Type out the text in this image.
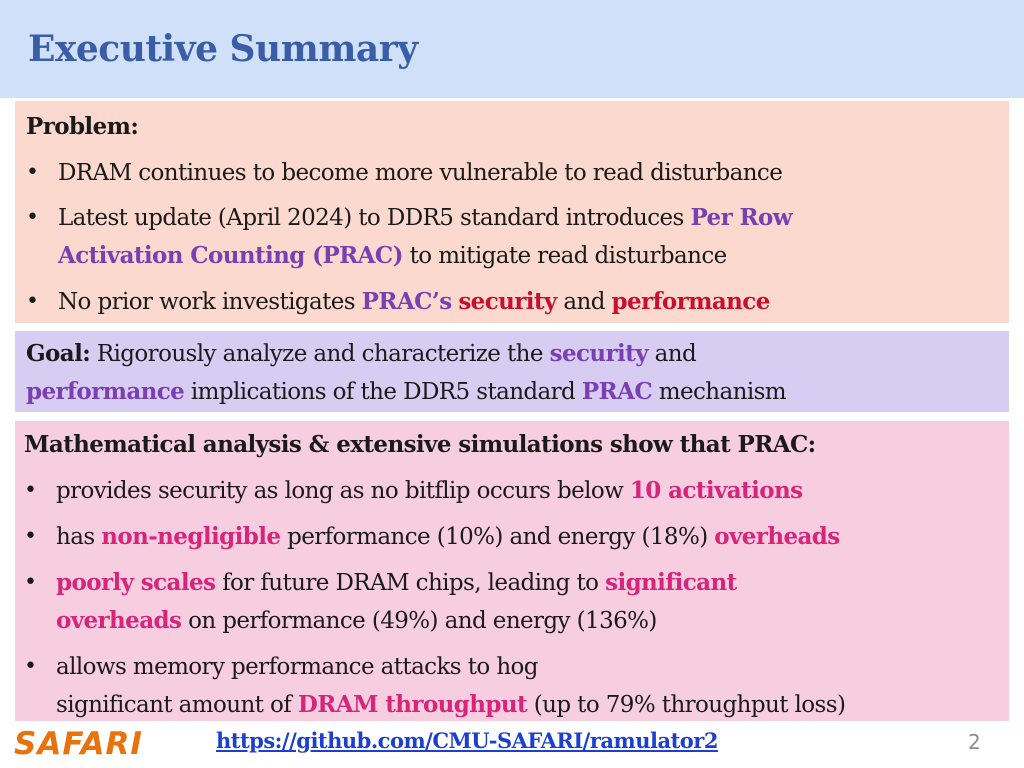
Executive Summary
Problem:
• DRAM continues to become more vulnerable to read disturbance
• Latest update (April 2024) to DDR5 standard introduces Per Row
Activation Counting (PRAC) to mitigate read disturbance
• No prior work investigates PRAC’s security and performance
Goal: Rigorously analyze and characterize the security and
performance implications of the DDR5 standard PRAC mechanism
Mathematical analysis & extensive simulations show that PRAC:
• provides security as long as no bitflip occurs below 10 activations
• has non-negligible performance (10%) and energy (18%) overheads
• poorly scales for future DRAM chips, leading to significant
overheads on performance (49%) and energy (136%)
• allows memory performance attacks to hog
significant amount of DRAM throughput (up to 79% throughput loss)
SAFARI	https://github.com/CMU-SAFARI/ramulator2	2
